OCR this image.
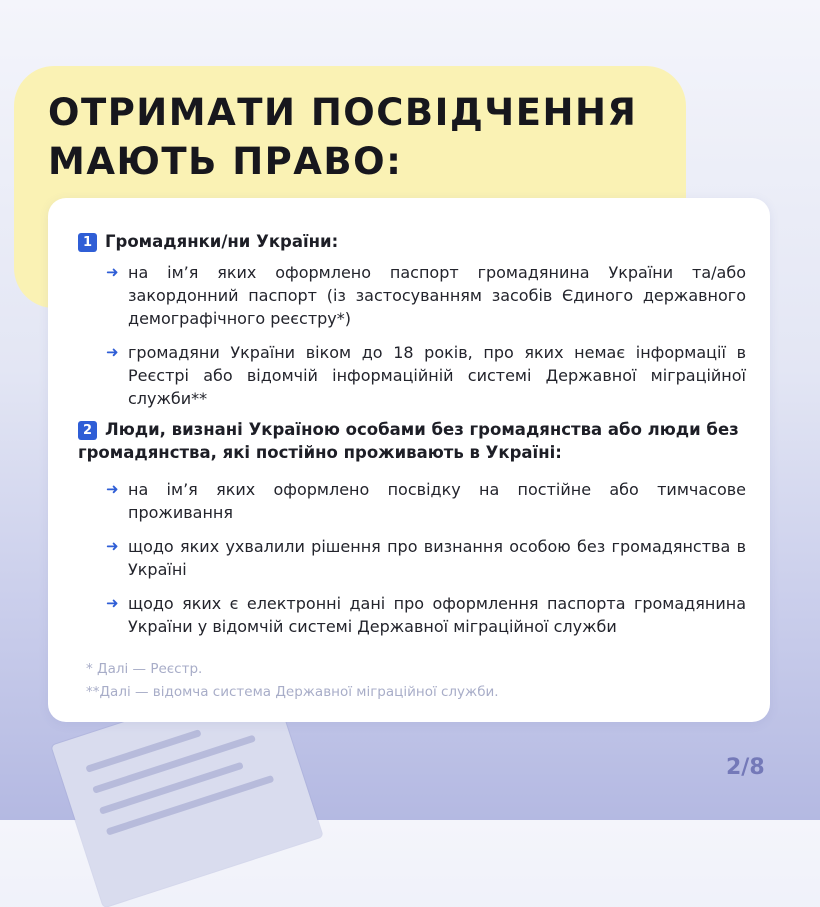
ОТРИМАТИ ПОСВІДЧЕННЯ
МАЮТЬ ПРАВО:

1 Громадянки/ни України:

➜ на ім’я яких оформлено паспорт громадянина України та/або закордонний паспорт (із застосуванням засобів Єдиного державного демографічного реєстру*)
➜ громадяни України віком до 18 років, про яких немає інформації в Реєстрі або відомчій інформаційній системі Державної міграційної служби**

2 Люди, визнані Україною особами без громадянства або люди без громадянства, які постійно проживають в Україні:

➜ на ім’я яких оформлено посвідку на постійне або тимчасове проживання
➜ щодо яких ухвалили рішення про визнання особою без громадянства в Україні
➜ щодо яких є електронні дані про оформлення паспорта громадянина України у відомчій системі Державної міграційної служби
* Далі — Реєстр.
**Далі — відомча система Державної міграційної служби.
2/8
